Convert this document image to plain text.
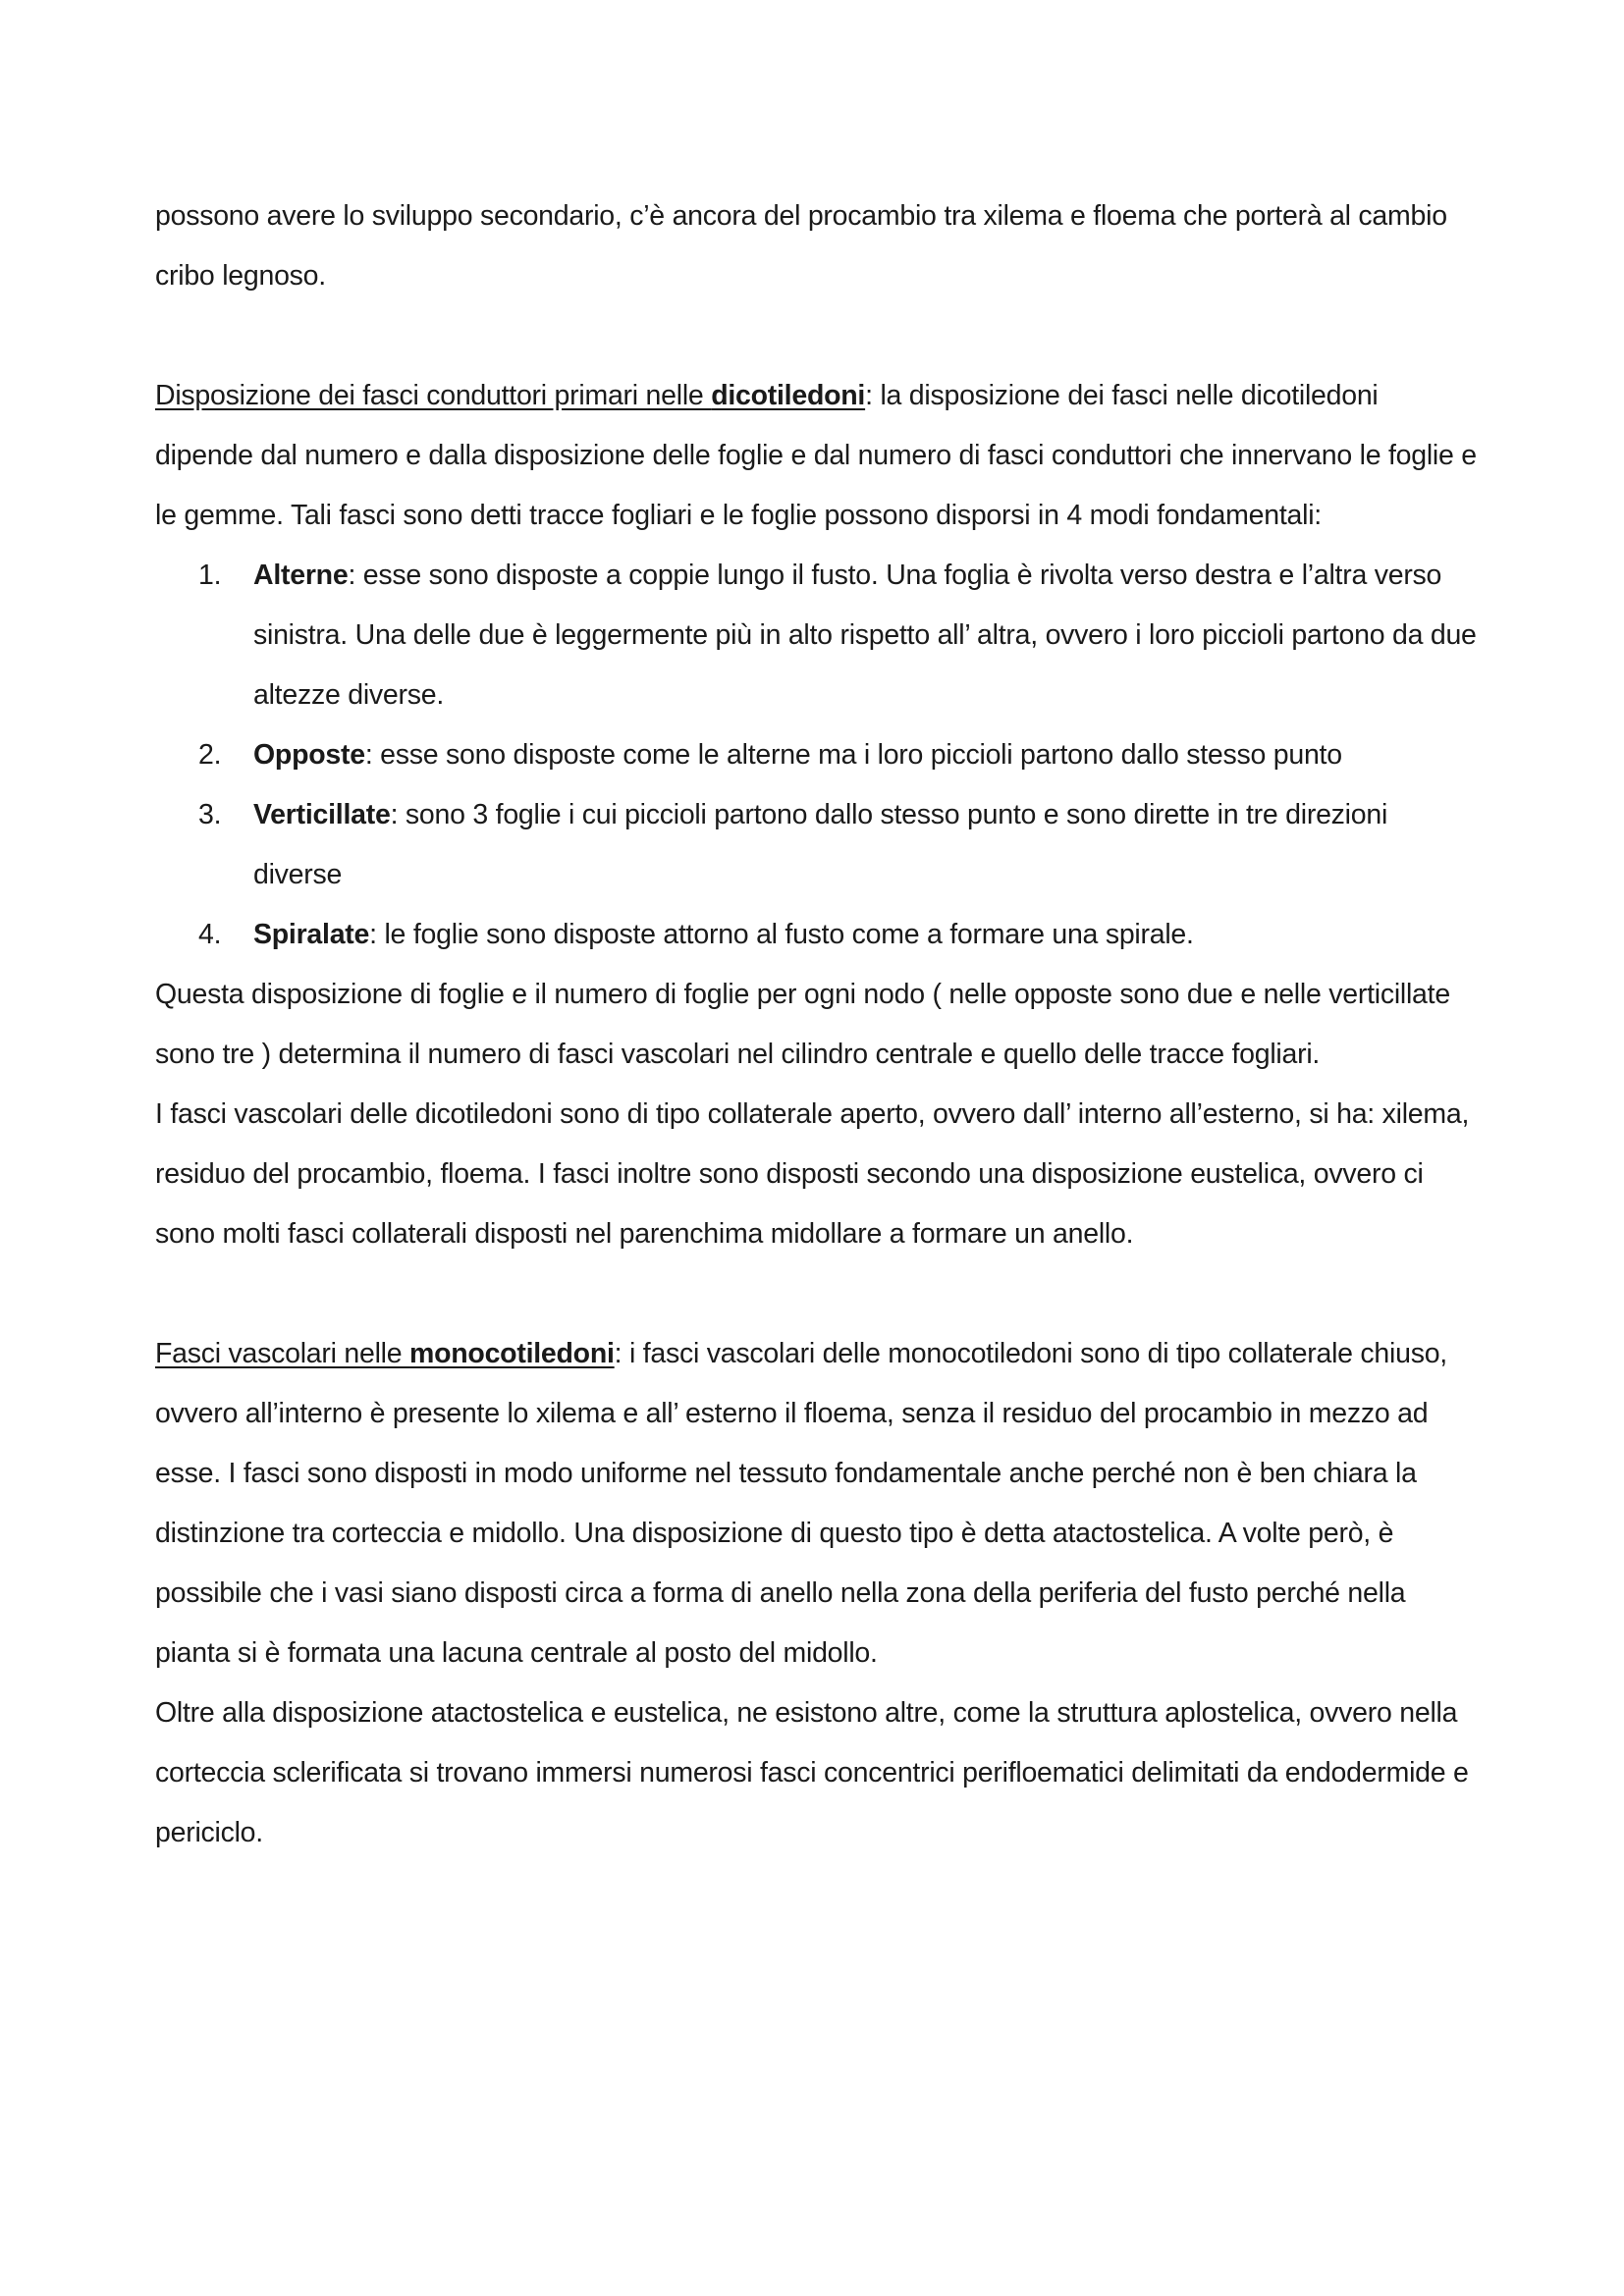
possono avere lo sviluppo secondario, c’è ancora del procambio tra xilema e floema che porterà al cambio cribo legnoso.

Disposizione dei fasci conduttori primari nelle dicotiledoni: la disposizione dei fasci nelle dicotiledoni dipende dal numero e dalla disposizione delle foglie e dal numero di fasci conduttori che innervano le foglie e le gemme. Tali fasci sono detti tracce fogliari e le foglie possono disporsi in 4 modi fondamentali:

1. Alterne: esse sono disposte a coppie lungo il fusto. Una foglia è rivolta verso destra e l’altra verso sinistra. Una delle due è leggermente più in alto rispetto all’ altra, ovvero i loro piccioli partono da due altezze diverse.
2. Opposte: esse sono disposte come le alterne ma i loro piccioli partono dallo stesso punto
3. Verticillate: sono 3 foglie i cui piccioli partono dallo stesso punto e sono dirette in tre direzioni diverse
4. Spiralate: le foglie sono disposte attorno al fusto come a formare una spirale.

Questa disposizione di foglie e il numero di foglie per ogni nodo ( nelle opposte sono due e nelle verticillate sono tre ) determina il numero di fasci vascolari nel cilindro centrale e quello delle tracce fogliari.

I fasci vascolari delle dicotiledoni sono di tipo collaterale aperto, ovvero dall’ interno all’esterno, si ha: xilema, residuo del procambio, floema. I fasci inoltre sono disposti secondo una disposizione eustelica, ovvero ci sono molti fasci collaterali disposti nel parenchima midollare a formare un anello.

Fasci vascolari nelle monocotiledoni: i fasci vascolari delle monocotiledoni sono di tipo collaterale chiuso, ovvero all’interno è presente lo xilema e all’ esterno il floema, senza il residuo del procambio in mezzo ad esse. I fasci sono disposti in modo uniforme nel tessuto fondamentale anche perché non è ben chiara la distinzione tra corteccia e midollo. Una disposizione di questo tipo è detta atactostelica. A volte però, è possibile che i vasi siano disposti circa a forma di anello nella zona della periferia del fusto perché nella pianta si è formata una lacuna centrale al posto del midollo.

Oltre alla disposizione atactostelica e eustelica, ne esistono altre, come la struttura aplostelica, ovvero nella corteccia sclerificata si trovano immersi numerosi fasci concentrici perifloematici delimitati da endodermide e periciclo.
